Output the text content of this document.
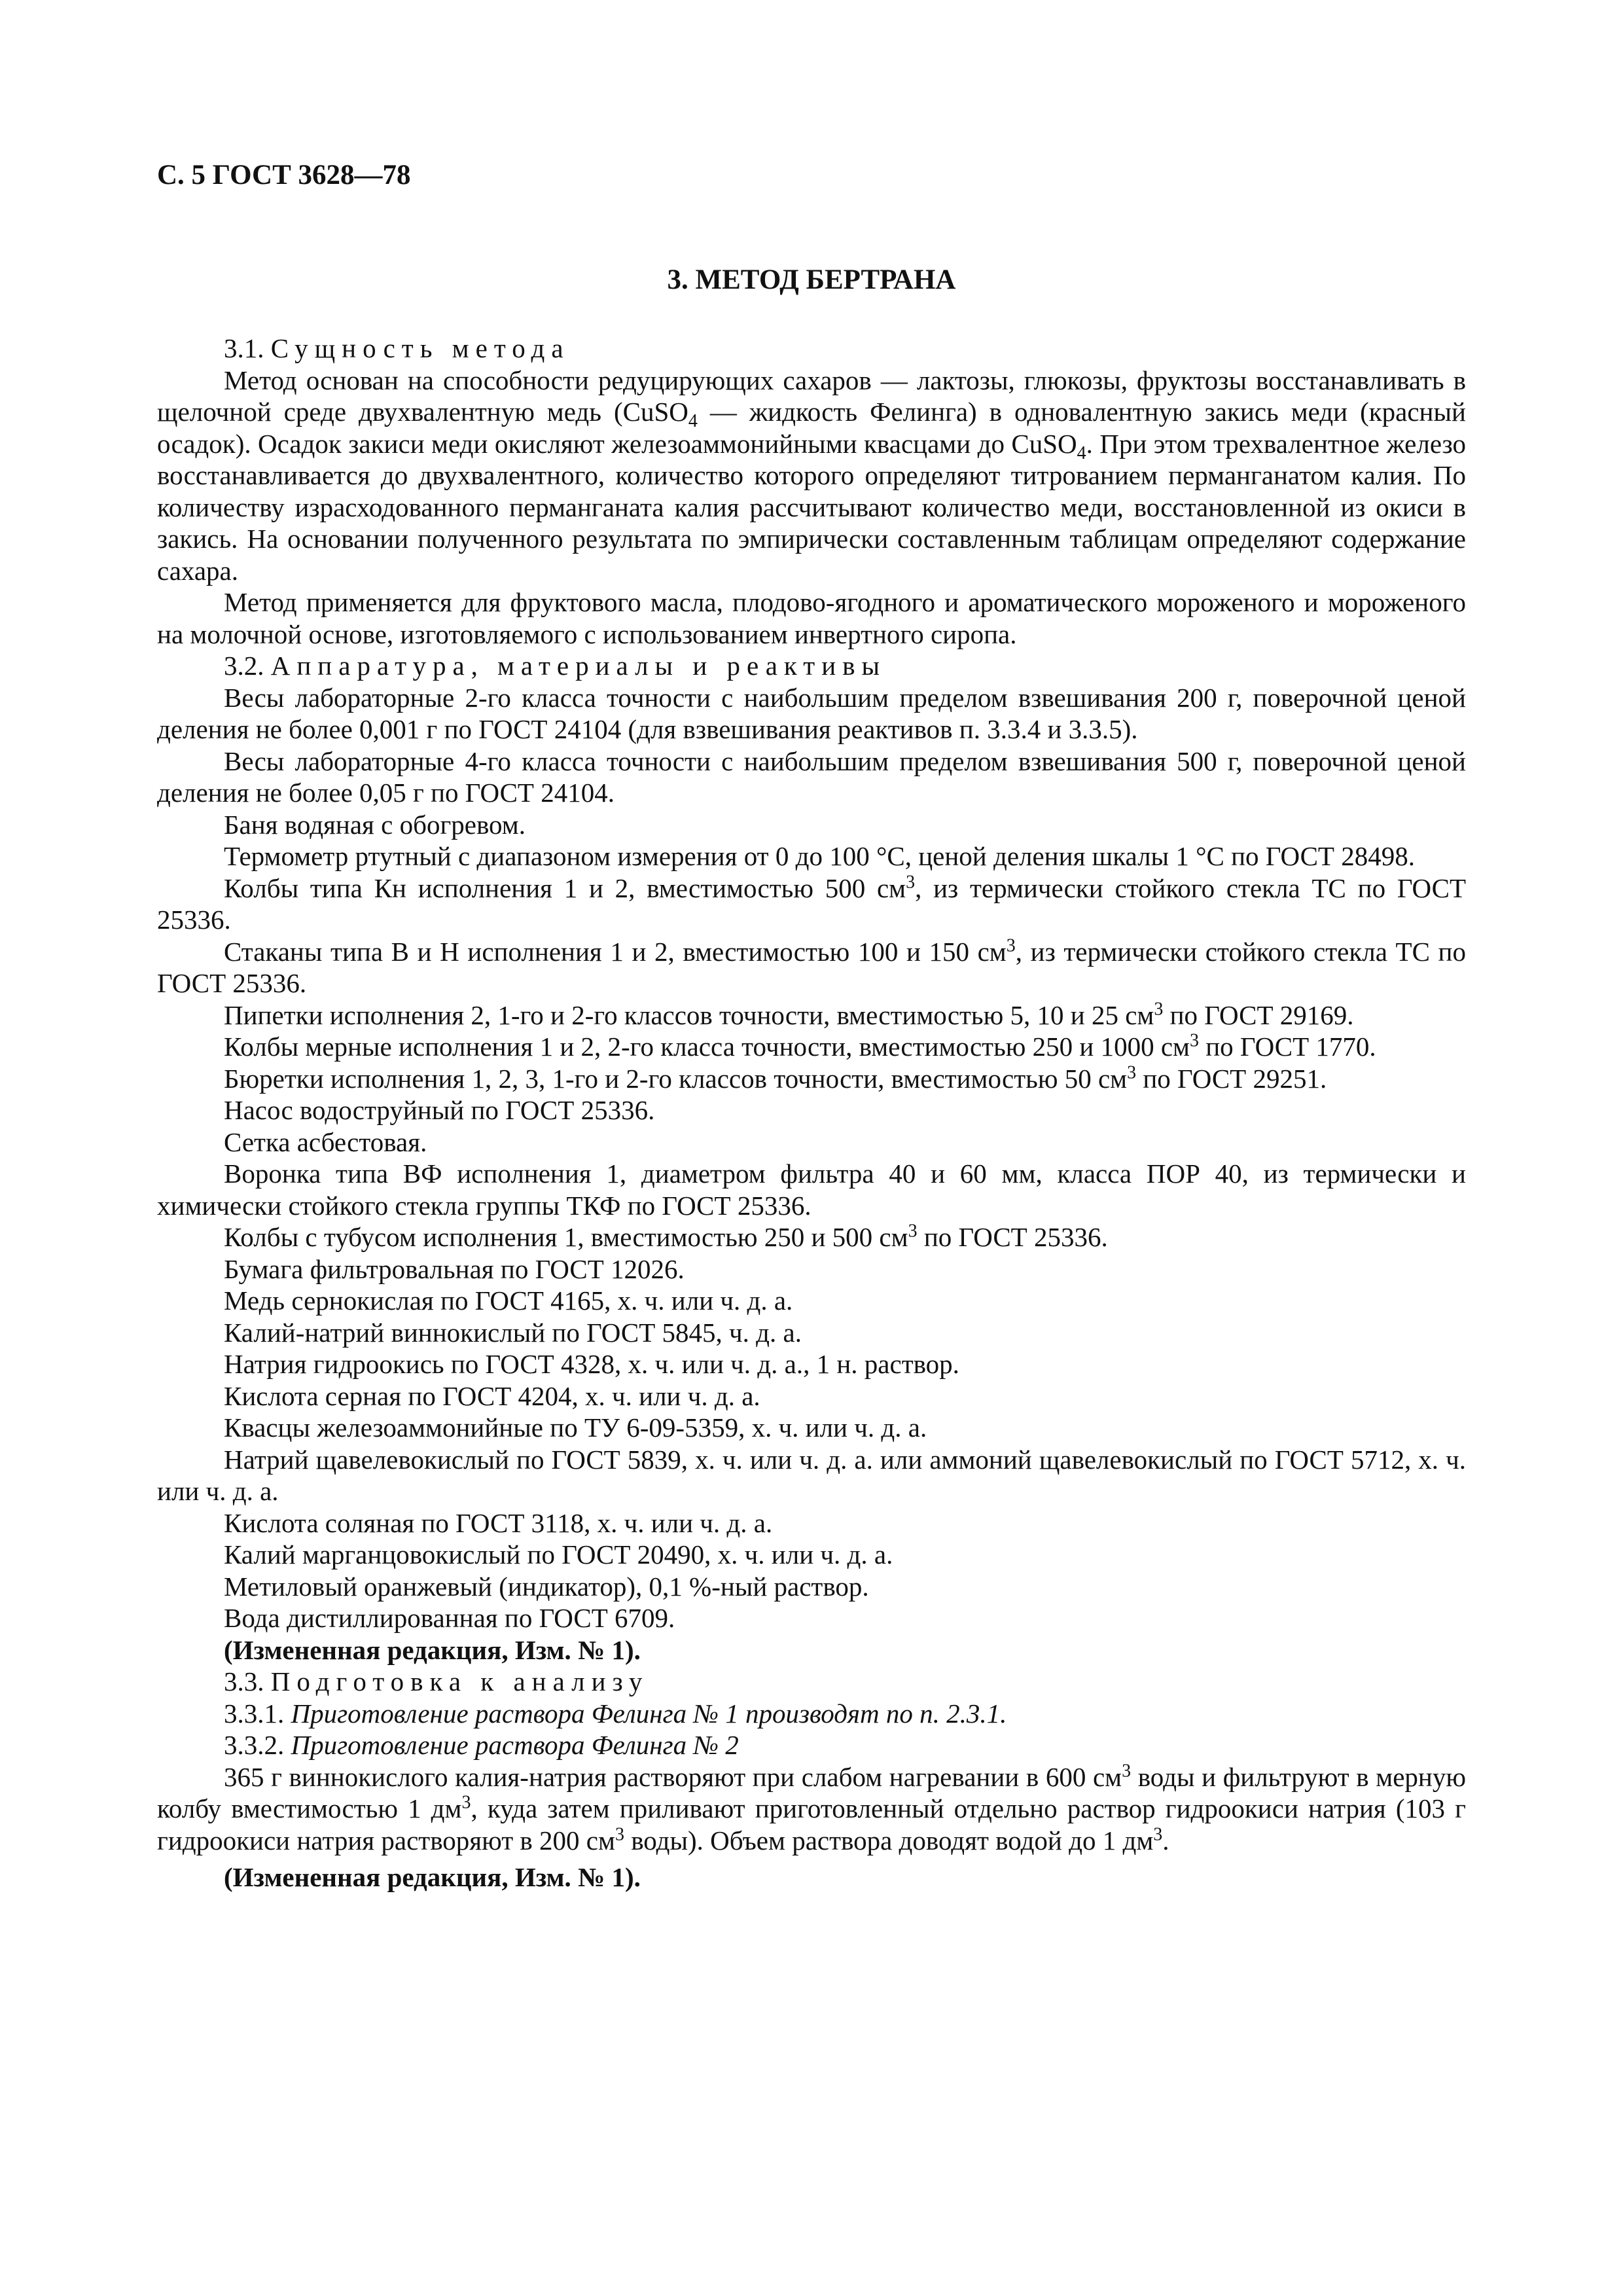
С. 5 ГОСТ 3628—78
3. МЕТОД БЕРТРАНА
3.1. Сущность метода

Метод основан на способности редуцирующих сахаров — лактозы, глюкозы, фруктозы восстанавливать в щелочной среде двухвалентную медь (CuSO$_4$ — жидкость Фелинга) в одновалентную закись меди (красный осадок). Осадок закиси меди окисляют железоаммонийными квасцами до CuSO$_4$. При этом трехвалентное железо восстанавливается до двухвалентного, количество которого определяют титрованием перманганатом калия. По количеству израсходованного перманганата калия рассчитывают количество меди, восстановленной из окиси в закись. На основании полученного результата по эмпирически составленным таблицам определяют содержание сахара.

Метод применяется для фруктового масла, плодово-ягодного и ароматического мороженого и мороженого на молочной основе, изготовляемого с использованием инвертного сиропа.

3.2. Аппаратура, материалы и реактивы

Весы лабораторные 2-го класса точности с наибольшим пределом взвешивания 200 г, поверочной ценой деления не более 0,001 г по ГОСТ 24104 (для взвешивания реактивов п. 3.3.4 и 3.3.5).

Весы лабораторные 4-го класса точности с наибольшим пределом взвешивания 500 г, поверочной ценой деления не более 0,05 г по ГОСТ 24104.

Баня водяная с обогревом.

Термометр ртутный с диапазоном измерения от 0 до 100 °С, ценой деления шкалы 1 °С по ГОСТ 28498.

Колбы типа Кн исполнения 1 и 2, вместимостью 500 $см^3$, из термически стойкого стекла ТС по ГОСТ 25336.

Стаканы типа В и Н исполнения 1 и 2, вместимостью 100 и 150 $см^3$, из термически стойкого стекла ТС по ГОСТ 25336.

Пипетки исполнения 2, 1-го и 2-го классов точности, вместимостью 5, 10 и 25 $см^3$ по ГОСТ 29169.

Колбы мерные исполнения 1 и 2, 2-го класса точности, вместимостью 250 и 1000 $см^3$ по ГОСТ 1770.

Бюретки исполнения 1, 2, 3, 1-го и 2-го классов точности, вместимостью 50 $см^3$ по ГОСТ 29251.

Насос водоструйный по ГОСТ 25336.

Сетка асбестовая.

Воронка типа ВФ исполнения 1, диаметром фильтра 40 и 60 мм, класса ПОР 40, из термически и химически стойкого стекла группы ТКФ по ГОСТ 25336.

Колбы с тубусом исполнения 1, вместимостью 250 и 500 $см^3$ по ГОСТ 25336.

Бумага фильтровальная по ГОСТ 12026.

Медь сернокислая по ГОСТ 4165, х. ч. или ч. д. а.

Калий-натрий виннокислый по ГОСТ 5845, ч. д. а.

Натрия гидроокись по ГОСТ 4328, х. ч. или ч. д. а., 1 н. раствор.

Кислота серная по ГОСТ 4204, х. ч. или ч. д. а.

Квасцы железоаммонийные по ТУ 6-09-5359, х. ч. или ч. д. а.

Натрий щавелевокислый по ГОСТ 5839, х. ч. или ч. д. а. или аммоний щавелевокислый по ГОСТ 5712, х. ч. или ч. д. а.

Кислота соляная по ГОСТ 3118, х. ч. или ч. д. а.

Калий марганцовокислый по ГОСТ 20490, х. ч. или ч. д. а.

Метиловый оранжевый (индикатор), 0,1 %-ный раствор.

Вода дистиллированная по ГОСТ 6709.

(Измененная редакция, Изм. № 1).

3.3. Подготовка к анализу
3.3.1. Приготовление раствора Фелинга № 1 производят по п. 2.3.1.
3.3.2. Приготовление раствора Фелинга № 2

365 г виннокислого калия-натрия растворяют при слабом нагревании в 600 $см^3$ воды и фильтруют в мерную колбу вместимостью 1 $дм^3$, куда затем приливают приготовленный отдельно раствор гидроокиси натрия (103 г гидроокиси натрия растворяют в 200 $см^3$ воды). Объем раствора доводят водой до 1 $дм^3$.

(Измененная редакция, Изм. № 1).
